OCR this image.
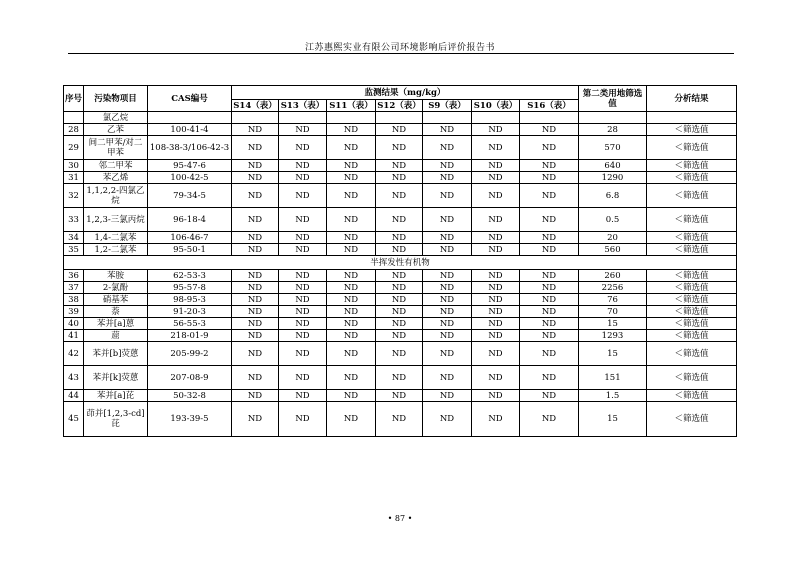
江苏惠熙实业有限公司环境影响后评价报告书
序号	污染物项目	CAS编号	监测结果（mg/kg）							第二类用地筛选值	分析结果
			S14（表）	S13（表）	S11（表）	S12（表）	S9（表）	S10（表）	S16（表）		
	氯乙烷										
28	乙苯	100-41-4	ND	ND	ND	ND	ND	ND	ND	28	＜筛选值
29	间二甲苯/对二甲苯	108-38-3/106-42-3	ND	ND	ND	ND	ND	ND	ND	570	＜筛选值
30	邻二甲苯	95-47-6	ND	ND	ND	ND	ND	ND	ND	640	＜筛选值
31	苯乙烯	100-42-5	ND	ND	ND	ND	ND	ND	ND	1290	＜筛选值
32	1,1,2,2-四氯乙烷	79-34-5	ND	ND	ND	ND	ND	ND	ND	6.8	＜筛选值
33	1,2,3-三氯丙烷	96-18-4	ND	ND	ND	ND	ND	ND	ND	0.5	＜筛选值
34	1,4-二氯苯	106-46-7	ND	ND	ND	ND	ND	ND	ND	20	＜筛选值
35	1,2-二氯苯	95-50-1	ND	ND	ND	ND	ND	ND	ND	560	＜筛选值
半挥发性有机物											
36	苯胺	62-53-3	ND	ND	ND	ND	ND	ND	ND	260	＜筛选值
37	2-氯酚	95-57-8	ND	ND	ND	ND	ND	ND	ND	2256	＜筛选值
38	硝基苯	98-95-3	ND	ND	ND	ND	ND	ND	ND	76	＜筛选值
39	萘	91-20-3	ND	ND	ND	ND	ND	ND	ND	70	＜筛选值
40	苯并[a]蒽	56-55-3	ND	ND	ND	ND	ND	ND	ND	15	＜筛选值
41	䓛	218-01-9	ND	ND	ND	ND	ND	ND	ND	1293	＜筛选值
42	苯并[b]荧蒽	205-99-2	ND	ND	ND	ND	ND	ND	ND	15	＜筛选值
43	苯并[k]荧蒽	207-08-9	ND	ND	ND	ND	ND	ND	ND	151	＜筛选值
44	苯并[a]芘	50-32-8	ND	ND	ND	ND	ND	ND	ND	1.5	＜筛选值
45	茚并[1,2,3-cd]芘	193-39-5	ND	ND	ND	ND	ND	ND	ND	15	＜筛选值
• 87 •
